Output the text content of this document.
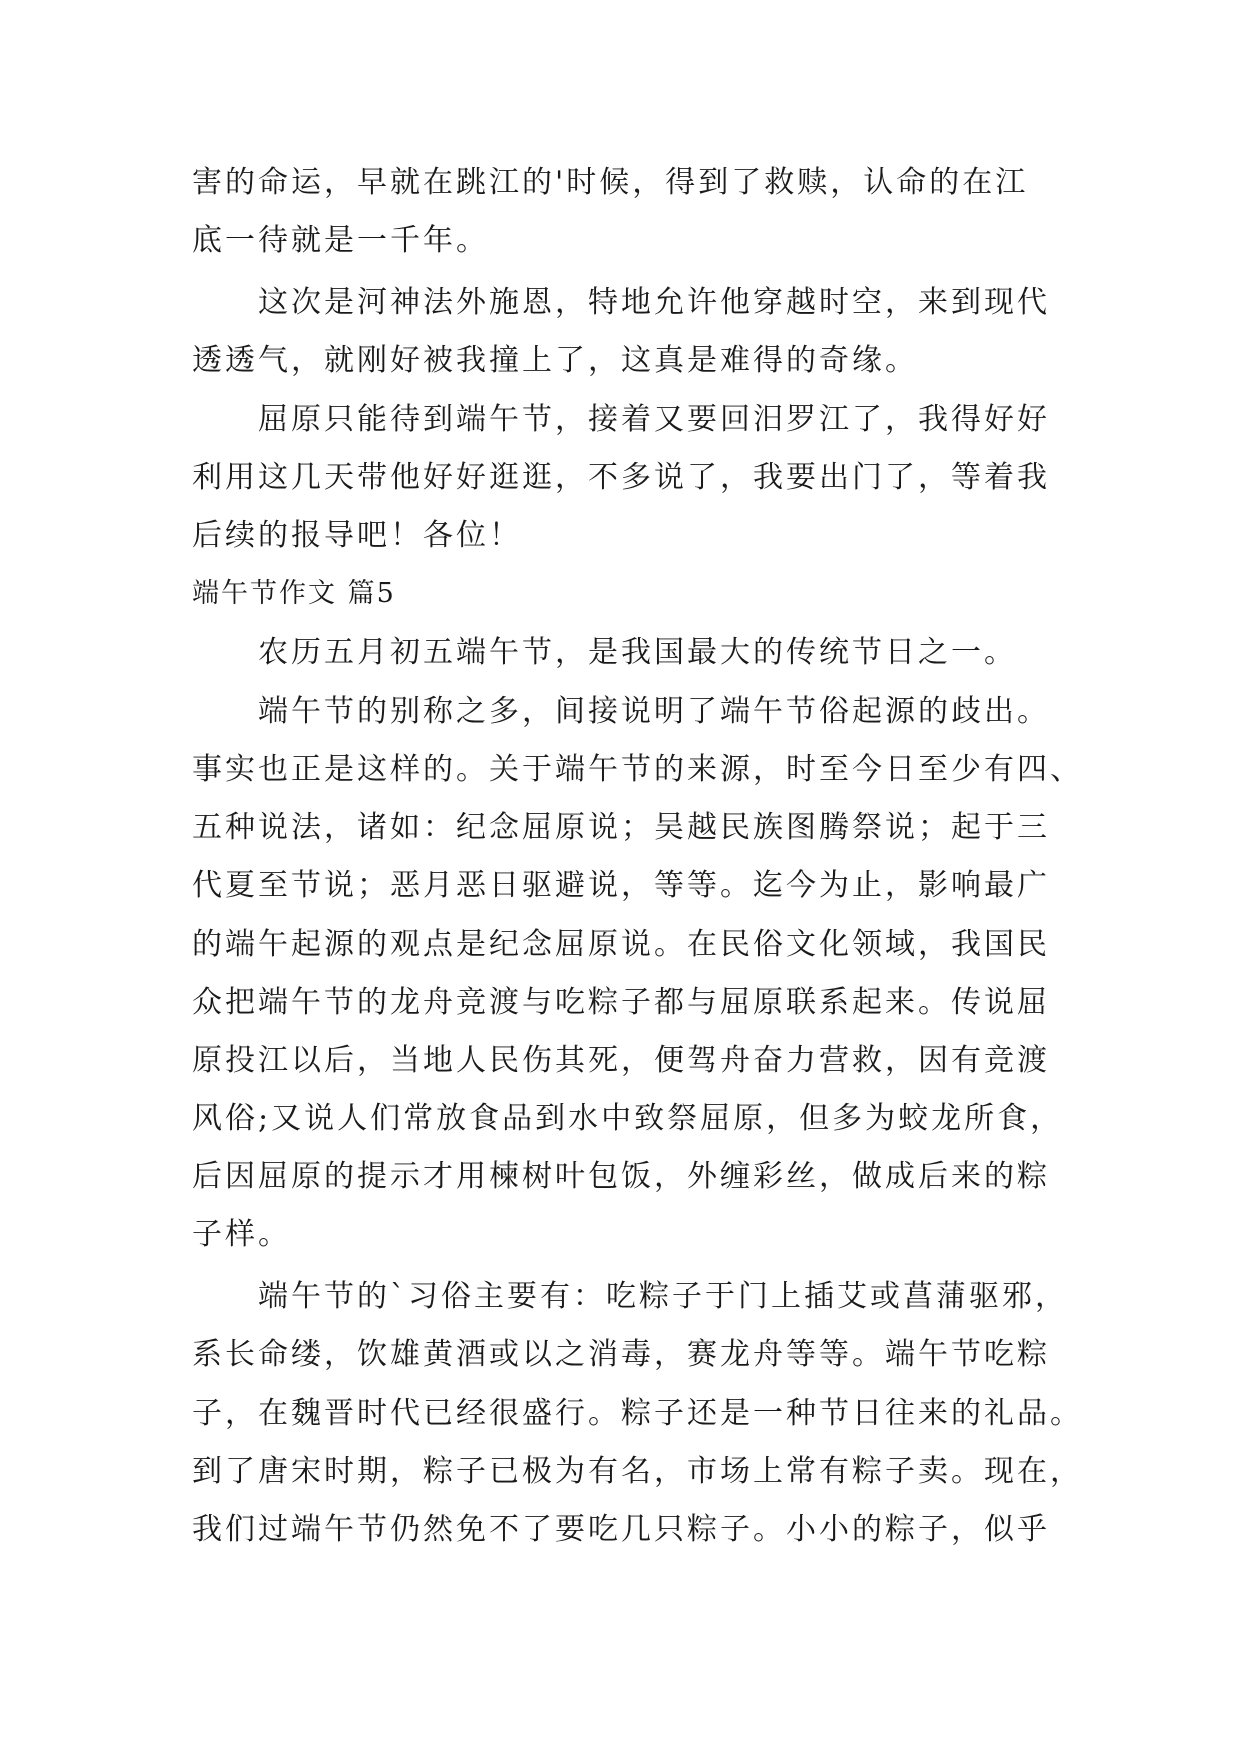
害的命运，早就在跳江的'时候，得到了救赎，认命的在江
底一待就是一千年。
这次是河神法外施恩，特地允许他穿越时空，来到现代
透透气，就刚好被我撞上了，这真是难得的奇缘。
屈原只能待到端午节，接着又要回汨罗江了，我得好好
利用这几天带他好好逛逛，不多说了，我要出门了，等着我
后续的报导吧！各位！
端午节作文 篇5
农历五月初五端午节，是我国最大的传统节日之一。
端午节的别称之多，间接说明了端午节俗起源的歧出。
事实也正是这样的。关于端午节的来源，时至今日至少有四、
五种说法，诸如：纪念屈原说；吴越民族图腾祭说；起于三
代夏至节说；恶月恶日驱避说，等等。迄今为止，影响最广
的端午起源的观点是纪念屈原说。在民俗文化领域，我国民
众把端午节的龙舟竞渡与吃粽子都与屈原联系起来。传说屈
原投江以后，当地人民伤其死，便驾舟奋力营救，因有竞渡
风俗;又说人们常放食品到水中致祭屈原，但多为蛟龙所食，
后因屈原的提示才用楝树叶包饭，外缠彩丝，做成后来的粽
子样。
端午节的`习俗主要有：吃粽子于门上插艾或菖蒲驱邪，
系长命缕，饮雄黄酒或以之消毒，赛龙舟等等。端午节吃粽
子，在魏晋时代已经很盛行。粽子还是一种节日往来的礼品。
到了唐宋时期，粽子已极为有名，市场上常有粽子卖。现在，
我们过端午节仍然免不了要吃几只粽子。小小的粽子，似乎
